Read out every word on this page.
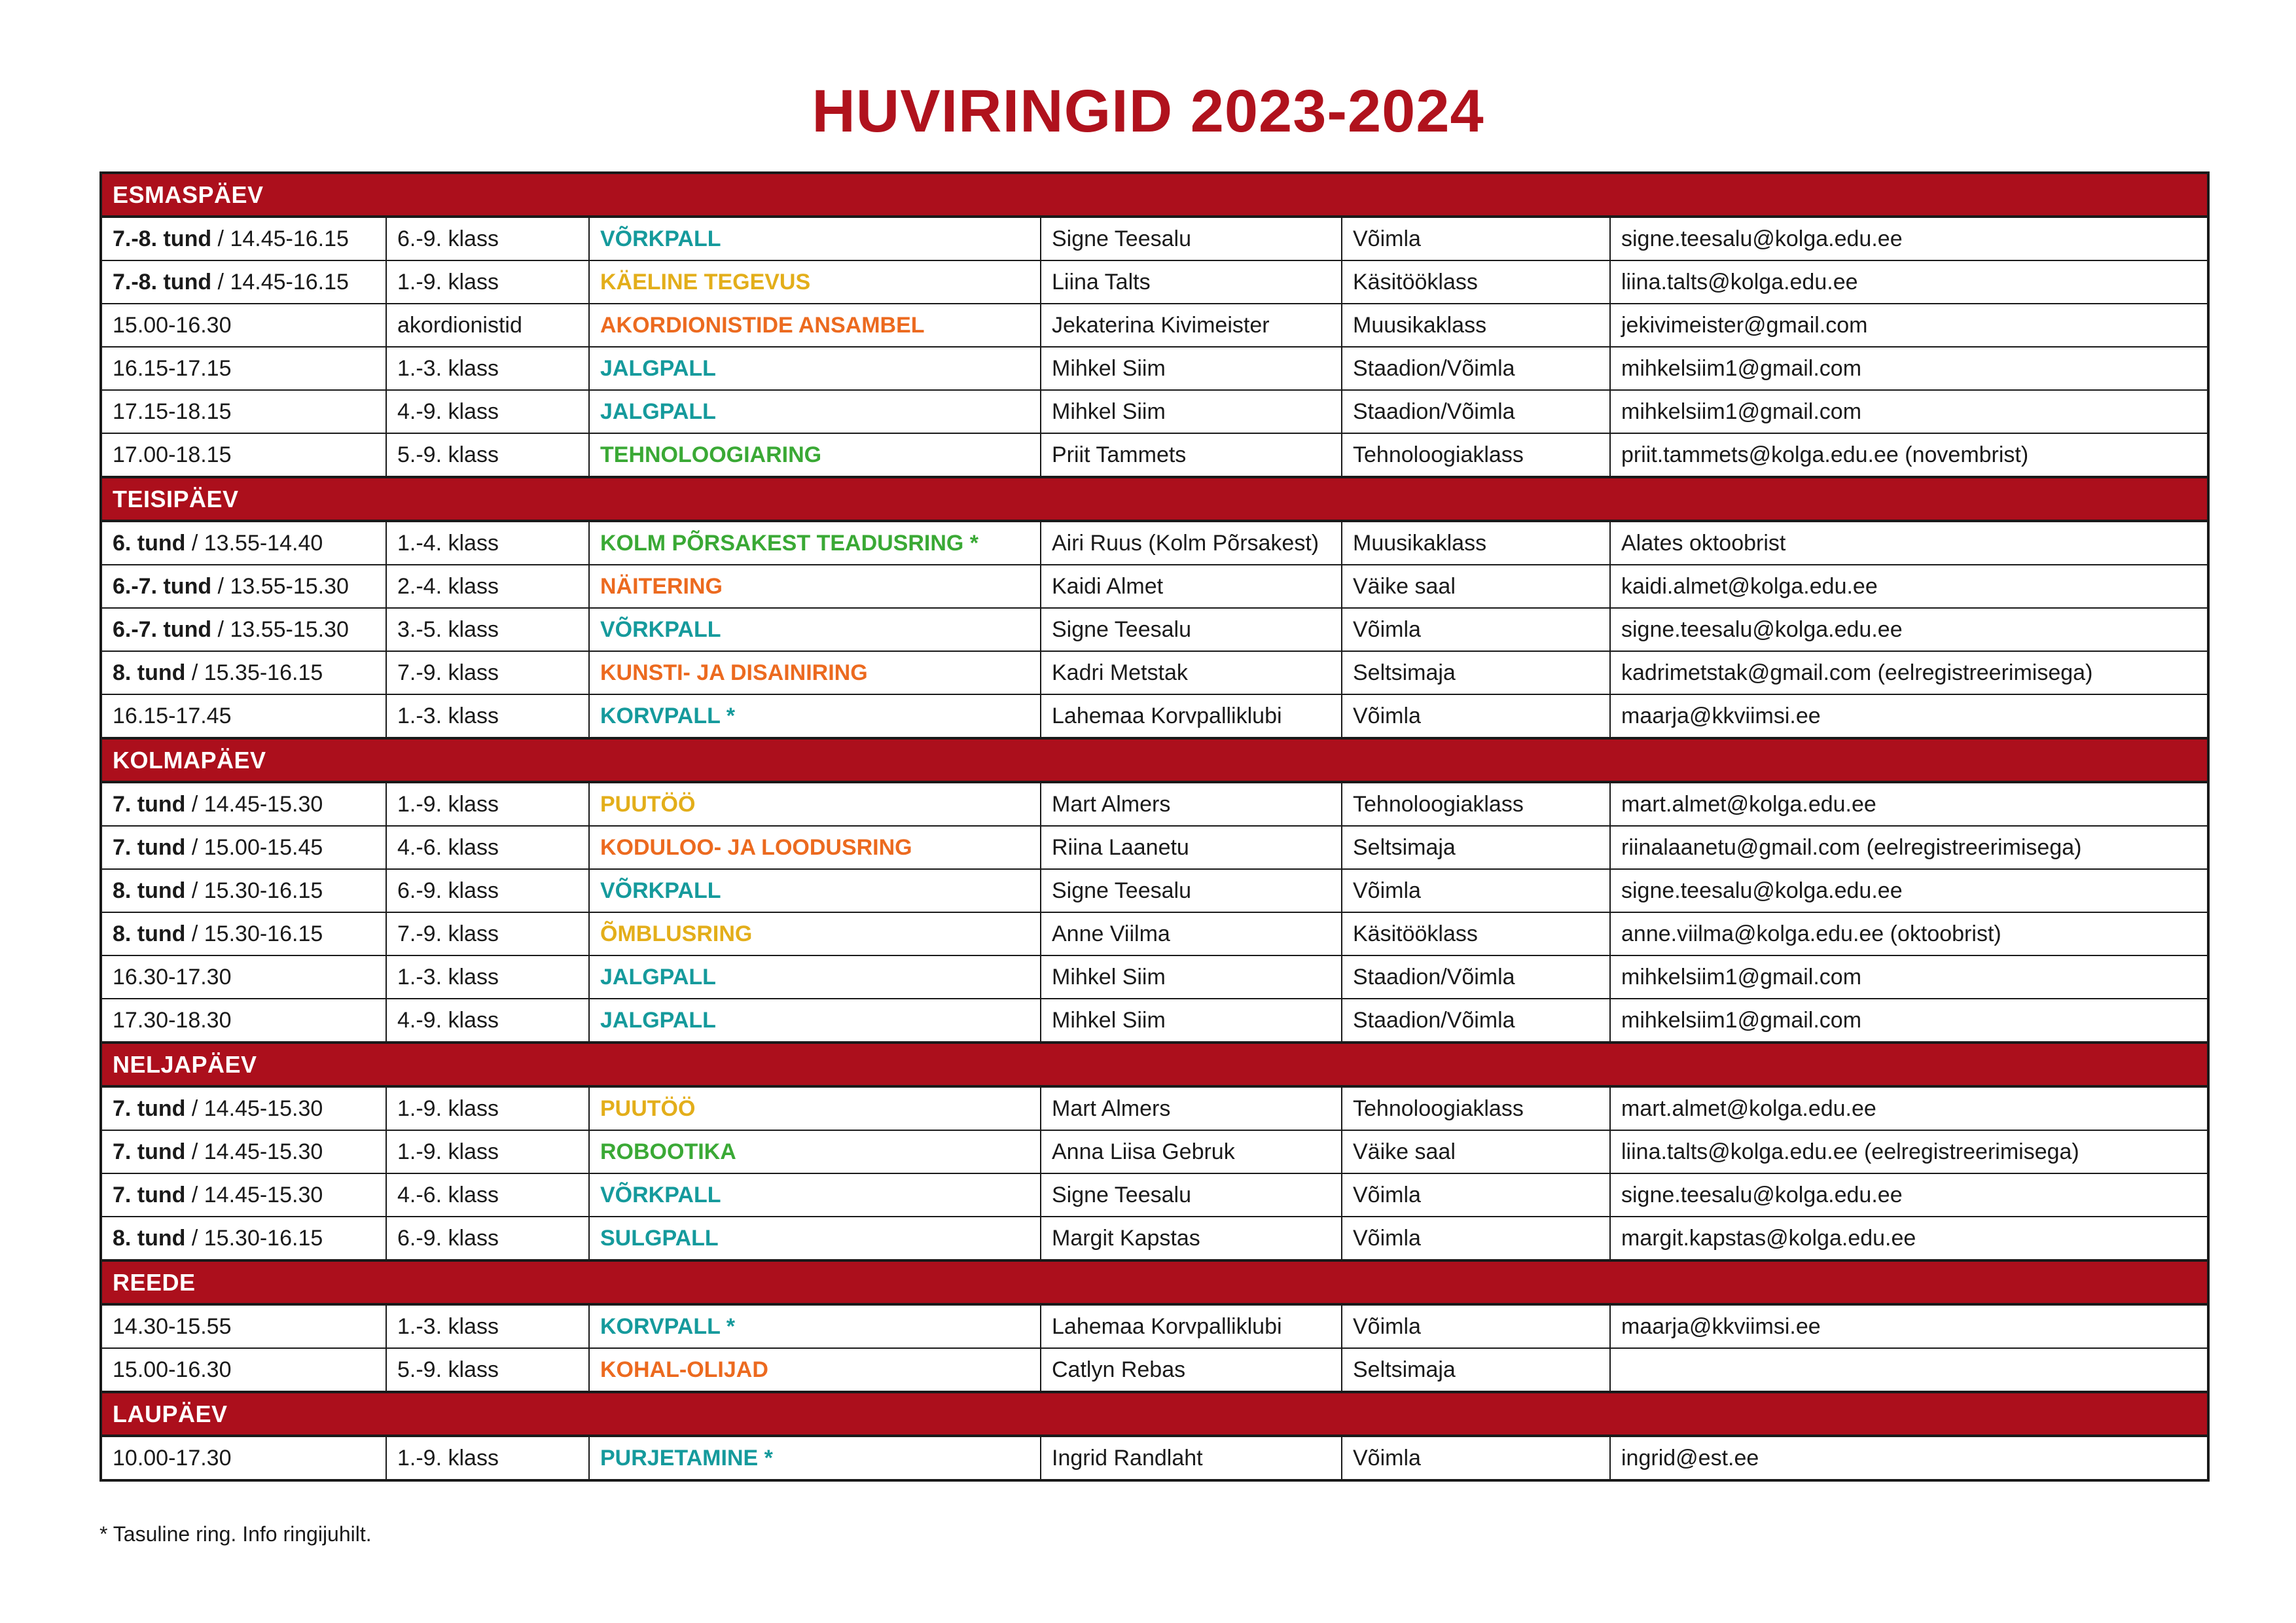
HUVIRINGID 2023-2024
ESMASPÄEV					
7.-8. tund / 14.45-16.15	6.-9. klass	VÕRKPALL	Signe Teesalu	Võimla	signe.teesalu@kolga.edu.ee
7.-8. tund / 14.45-16.15	1.-9. klass	KÄELINE TEGEVUS	Liina Talts	Käsitööklass	liina.talts@kolga.edu.ee
15.00-16.30	akordionistid	AKORDIONISTIDE ANSAMBEL	Jekaterina Kivimeister	Muusikaklass	jekivimeister@gmail.com
16.15-17.15	1.-3. klass	JALGPALL	Mihkel Siim	Staadion/Võimla	mihkelsiim1@gmail.com
17.15-18.15	4.-9. klass	JALGPALL	Mihkel Siim	Staadion/Võimla	mihkelsiim1@gmail.com
17.00-18.15	5.-9. klass	TEHNOLOOGIARING	Priit Tammets	Tehnoloogiaklass	priit.tammets@kolga.edu.ee (novembrist)
TEISIPÄEV					
6. tund / 13.55-14.40	1.-4. klass	KOLM PÕRSAKEST TEADUSRING *	Airi Ruus (Kolm Põrsakest)	Muusikaklass	Alates oktoobrist
6.-7. tund / 13.55-15.30	2.-4. klass	NÄITERING	Kaidi Almet	Väike saal	kaidi.almet@kolga.edu.ee
6.-7. tund / 13.55-15.30	3.-5. klass	VÕRKPALL	Signe Teesalu	Võimla	signe.teesalu@kolga.edu.ee
8. tund / 15.35-16.15	7.-9. klass	KUNSTI- JA DISAINIRING	Kadri Metstak	Seltsimaja	kadrimetstak@gmail.com (eelregistreerimisega)
16.15-17.45	1.-3. klass	KORVPALL *	Lahemaa Korvpalliklubi	Võimla	maarja@kkviimsi.ee
KOLMAPÄEV					
7. tund / 14.45-15.30	1.-9. klass	PUUTÖÖ	Mart Almers	Tehnoloogiaklass	mart.almet@kolga.edu.ee
7. tund / 15.00-15.45	4.-6. klass	KODULOO- JA LOODUSRING	Riina Laanetu	Seltsimaja	riinalaanetu@gmail.com (eelregistreerimisega)
8. tund / 15.30-16.15	6.-9. klass	VÕRKPALL	Signe Teesalu	Võimla	signe.teesalu@kolga.edu.ee
8. tund / 15.30-16.15	7.-9. klass	ÕMBLUSRING	Anne Viilma	Käsitööklass	anne.viilma@kolga.edu.ee (oktoobrist)
16.30-17.30	1.-3. klass	JALGPALL	Mihkel Siim	Staadion/Võimla	mihkelsiim1@gmail.com
17.30-18.30	4.-9. klass	JALGPALL	Mihkel Siim	Staadion/Võimla	mihkelsiim1@gmail.com
NELJAPÄEV					
7. tund / 14.45-15.30	1.-9. klass	PUUTÖÖ	Mart Almers	Tehnoloogiaklass	mart.almet@kolga.edu.ee
7. tund / 14.45-15.30	1.-9. klass	ROBOOTIKA	Anna Liisa Gebruk	Väike saal	liina.talts@kolga.edu.ee (eelregistreerimisega)
7. tund / 14.45-15.30	4.-6. klass	VÕRKPALL	Signe Teesalu	Võimla	signe.teesalu@kolga.edu.ee
8. tund / 15.30-16.15	6.-9. klass	SULGPALL	Margit Kapstas	Võimla	margit.kapstas@kolga.edu.ee
REEDE					
14.30-15.55	1.-3. klass	KORVPALL *	Lahemaa Korvpalliklubi	Võimla	maarja@kkviimsi.ee
15.00-16.30	5.-9. klass	KOHAL-OLIJAD	Catlyn Rebas	Seltsimaja	
LAUPÄEV					
10.00-17.30	1.-9. klass	PURJETAMINE *	Ingrid Randlaht	Võimla	ingrid@est.ee
* Tasuline ring. Info ringijuhilt.
